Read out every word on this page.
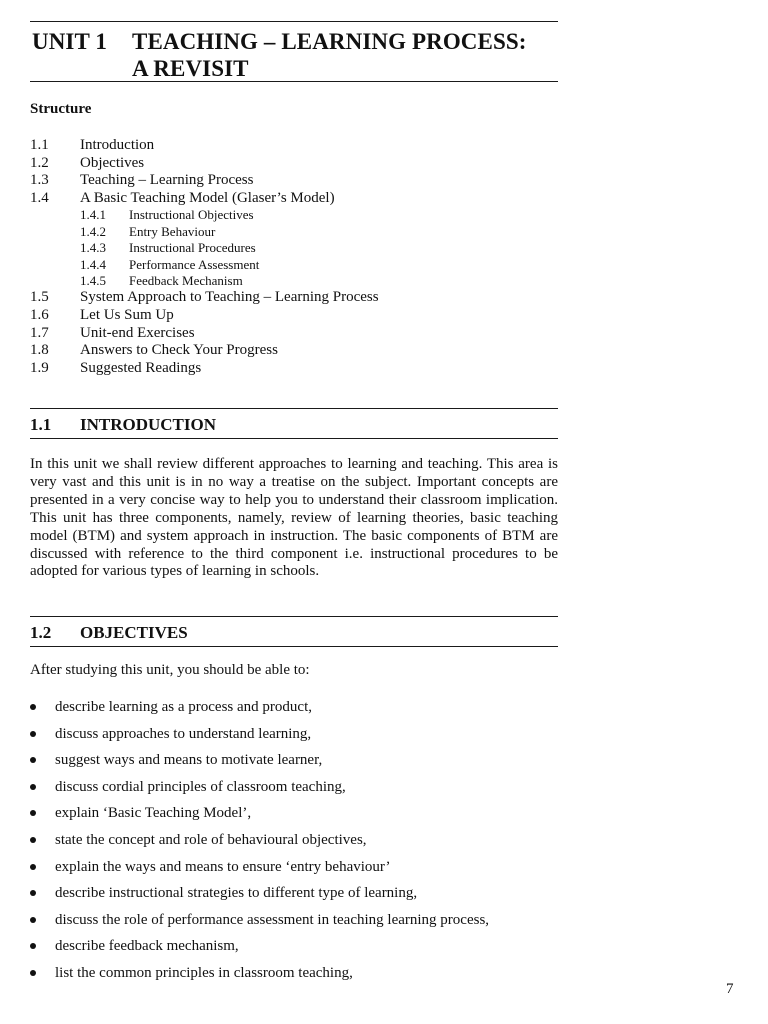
UNIT 1 TEACHING – LEARNING PROCESS:
A REVISIT
Structure
1.1 Introduction
1.2 Objectives
1.3 Teaching – Learning Process
1.4 A Basic Teaching Model (Glaser’s Model)
1.4.1 Instructional Objectives
1.4.2 Entry Behaviour
1.4.3 Instructional Procedures
1.4.4 Performance Assessment
1.4.5 Feedback Mechanism
1.5 System Approach to Teaching – Learning Process
1.6 Let Us Sum Up
1.7 Unit-end Exercises
1.8 Answers to Check Your Progress
1.9 Suggested Readings
1.1 INTRODUCTION

In this unit we shall review different approaches to learning and teaching. This area is very vast and this unit is in no way a treatise on the subject. Important concepts are presented in a very concise way to help you to understand their classroom implication. This unit has three components, namely, review of learning theories, basic teaching model (BTM) and system approach in instruction. The basic components of BTM are discussed with reference to the third component i.e. instructional procedures to be adopted for various types of learning in schools.

1.2 OBJECTIVES
After studying this unit, you should be able to:
describe learning as a process and product,
discuss approaches to understand learning,
suggest ways and means to motivate learner,
discuss cordial principles of classroom teaching,
explain ‘Basic Teaching Model’,
state the concept and role of behavioural objectives,
explain the ways and means to ensure ‘entry behaviour’
describe instructional strategies to different type of learning,
discuss the role of performance assessment in teaching learning process,
describe feedback mechanism,
list the common principles in classroom teaching,
7
